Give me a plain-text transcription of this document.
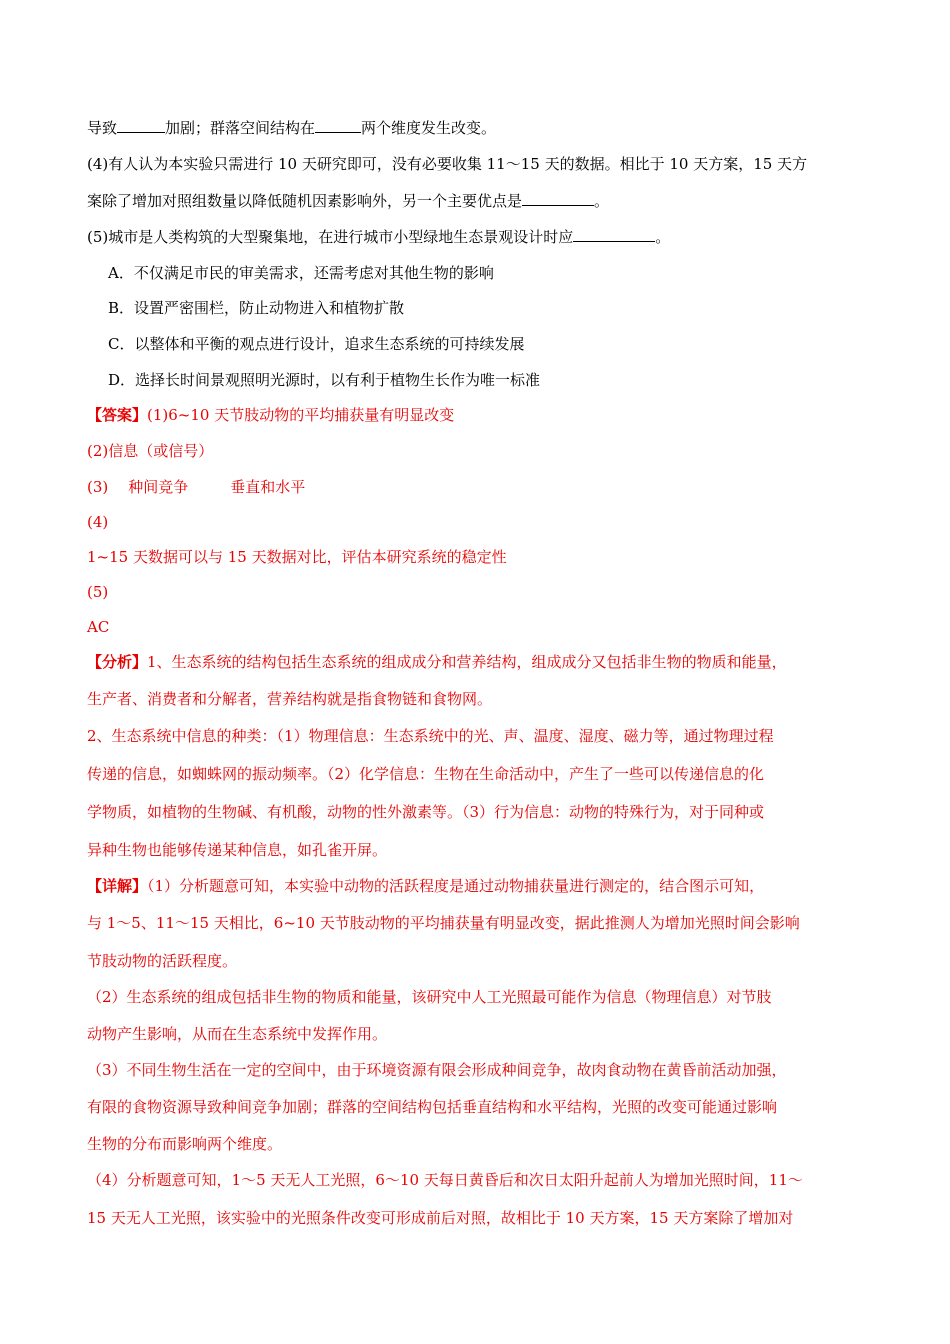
导致	加剧；群落空间结构在	两个维度发生改变。
(4)有人认为本实验只需进行 10 天研究即可，没有必要收集 11～15 天的数据。相比于 10 天方案，15 天方
案除了增加对照组数量以降低随机因素影响外，另一个主要优点是	。
(5)城市是人类构筑的大型聚集地，在进行城市小型绿地生态景观设计时应	。
A．不仅满足市民的审美需求，还需考虑对其他生物的影响
B．设置严密围栏，防止动物进入和植物扩散
C．以整体和平衡的观点进行设计，追求生态系统的可持续发展
D．选择长时间景观照明光源时，以有利于植物生长作为唯一标准
【答案】(1)6~10 天节肢动物的平均捕获量有明显改变
(2)信息（或信号）
(3) 种间竞争	垂直和水平
(4)
1~15 天数据可以与 15 天数据对比，评估本研究系统的稳定性
(5)
AC
【分析】1、生态系统的结构包括生态系统的组成成分和营养结构，组成成分又包括非生物的物质和能量，
生产者、消费者和分解者，营养结构就是指食物链和食物网。
2、生态系统中信息的种类：（1）物理信息：生态系统中的光、声、温度、湿度、磁力等，通过物理过程
传递的信息，如蜘蛛网的振动频率。（2）化学信息：生物在生命活动中，产生了一些可以传递信息的化
学物质，如植物的生物碱、有机酸，动物的性外激素等。（3）行为信息：动物的特殊行为，对于同种或
异种生物也能够传递某种信息，如孔雀开屏。
【详解】（1）分析题意可知，本实验中动物的活跃程度是通过动物捕获量进行测定的，结合图示可知，
与 1～5、11～15 天相比，6~10 天节肢动物的平均捕获量有明显改变，据此推测人为增加光照时间会影响
节肢动物的活跃程度。
（2）生态系统的组成包括非生物的物质和能量，该研究中人工光照最可能作为信息（物理信息）对节肢
动物产生影响，从而在生态系统中发挥作用。
（3）不同生物生活在一定的空间中，由于环境资源有限会形成种间竞争，故肉食动物在黄昏前活动加强，
有限的食物资源导致种间竞争加剧；群落的空间结构包括垂直结构和水平结构，光照的改变可能通过影响
生物的分布而影响两个维度。
（4）分析题意可知，1～5 天无人工光照，6～10 天每日黄昏后和次日太阳升起前人为增加光照时间，11～
15 天无人工光照，该实验中的光照条件改变可形成前后对照，故相比于 10 天方案，15 天方案除了增加对
